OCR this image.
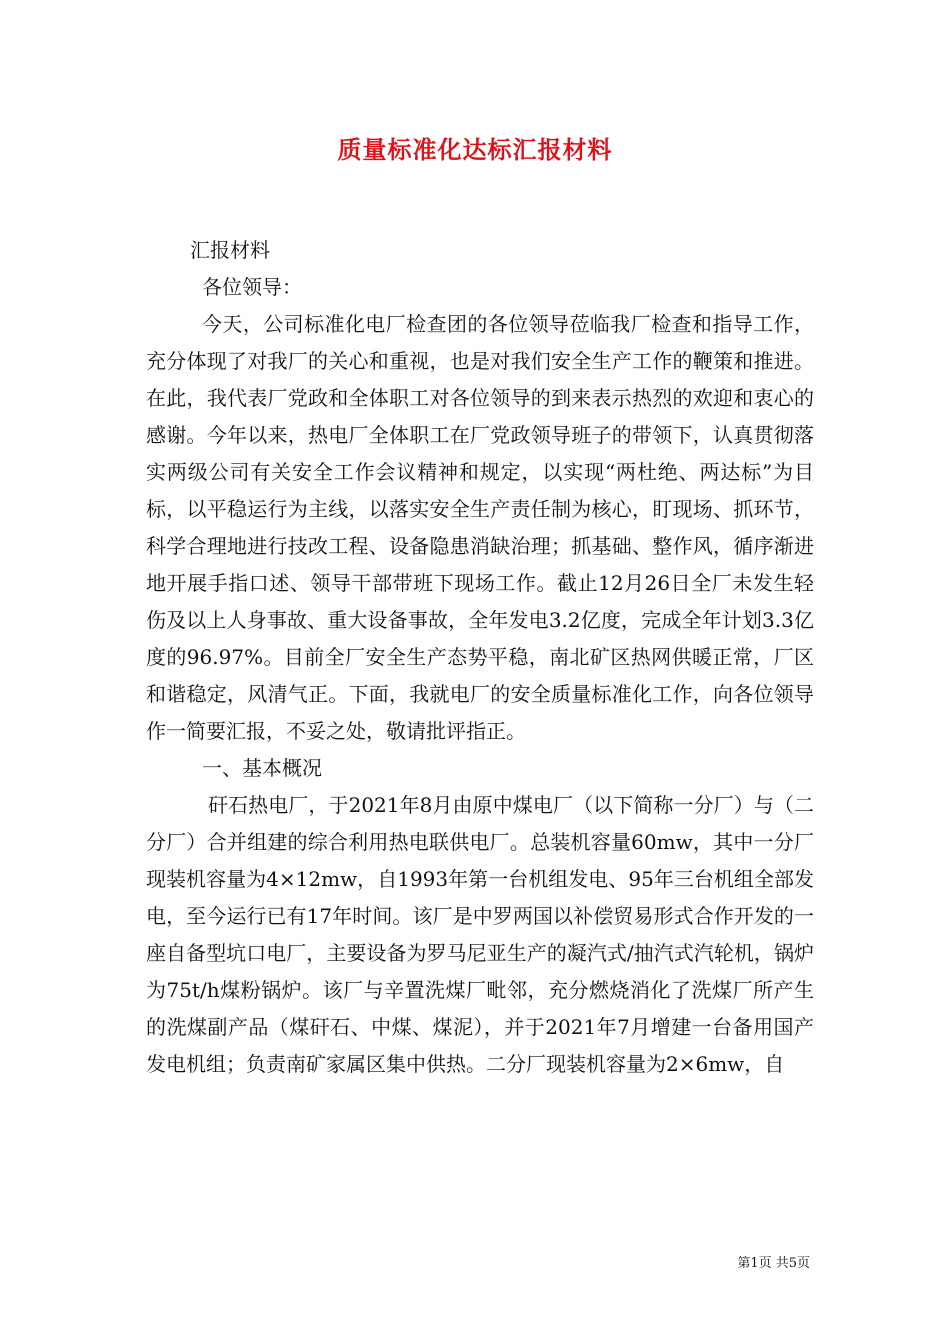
质量标准化达标汇报材料

汇报材料

各位领导：

今天，公司标准化电厂检查团的各位领导莅临我厂检查和指导工作，充分体现了对我厂的关心和重视，也是对我们安全生产工作的鞭策和推进。在此，我代表厂党政和全体职工对各位领导的到来表示热烈的欢迎和衷心的感谢。今年以来，热电厂全体职工在厂党政领导班子的带领下，认真贯彻落实两级公司有关安全工作会议精神和规定，以实现“两杜绝、两达标”为目标，以平稳运行为主线，以落实安全生产责任制为核心，盯现场、抓环节，科学合理地进行技改工程、设备隐患消缺治理；抓基础、整作风，循序渐进地开展手指口述、领导干部带班下现场工作。截止12月26日全厂未发生轻伤及以上人身事故、重大设备事故，全年发电3.2亿度，完成全年计划3.3亿度的96.97%。目前全厂安全生产态势平稳，南北矿区热网供暖正常，厂区和谐稳定，风清气正。下面，我就电厂的安全质量标准化工作，向各位领导作一简要汇报，不妥之处，敬请批评指正。

一、基本概况

矸石热电厂，于2021年8月由原中煤电厂（以下简称一分厂）与（二分厂）合并组建的综合利用热电联供电厂。总装机容量60mw，其中一分厂现装机容量为4×12mw，自1993年第一台机组发电、95年三台机组全部发电，至今运行已有17年时间。该厂是中罗两国以补偿贸易形式合作开发的一座自备型坑口电厂，主要设备为罗马尼亚生产的凝汽式/抽汽式汽轮机，锅炉为75t/h煤粉锅炉。该厂与辛置洗煤厂毗邻，充分燃烧消化了洗煤厂所产生的洗煤副产品（煤矸石、中煤、煤泥），并于2021年7月增建一台备用国产发电机组；负责南矿家属区集中供热。二分厂现装机容量为2×6mw，自

第1页 共5页
